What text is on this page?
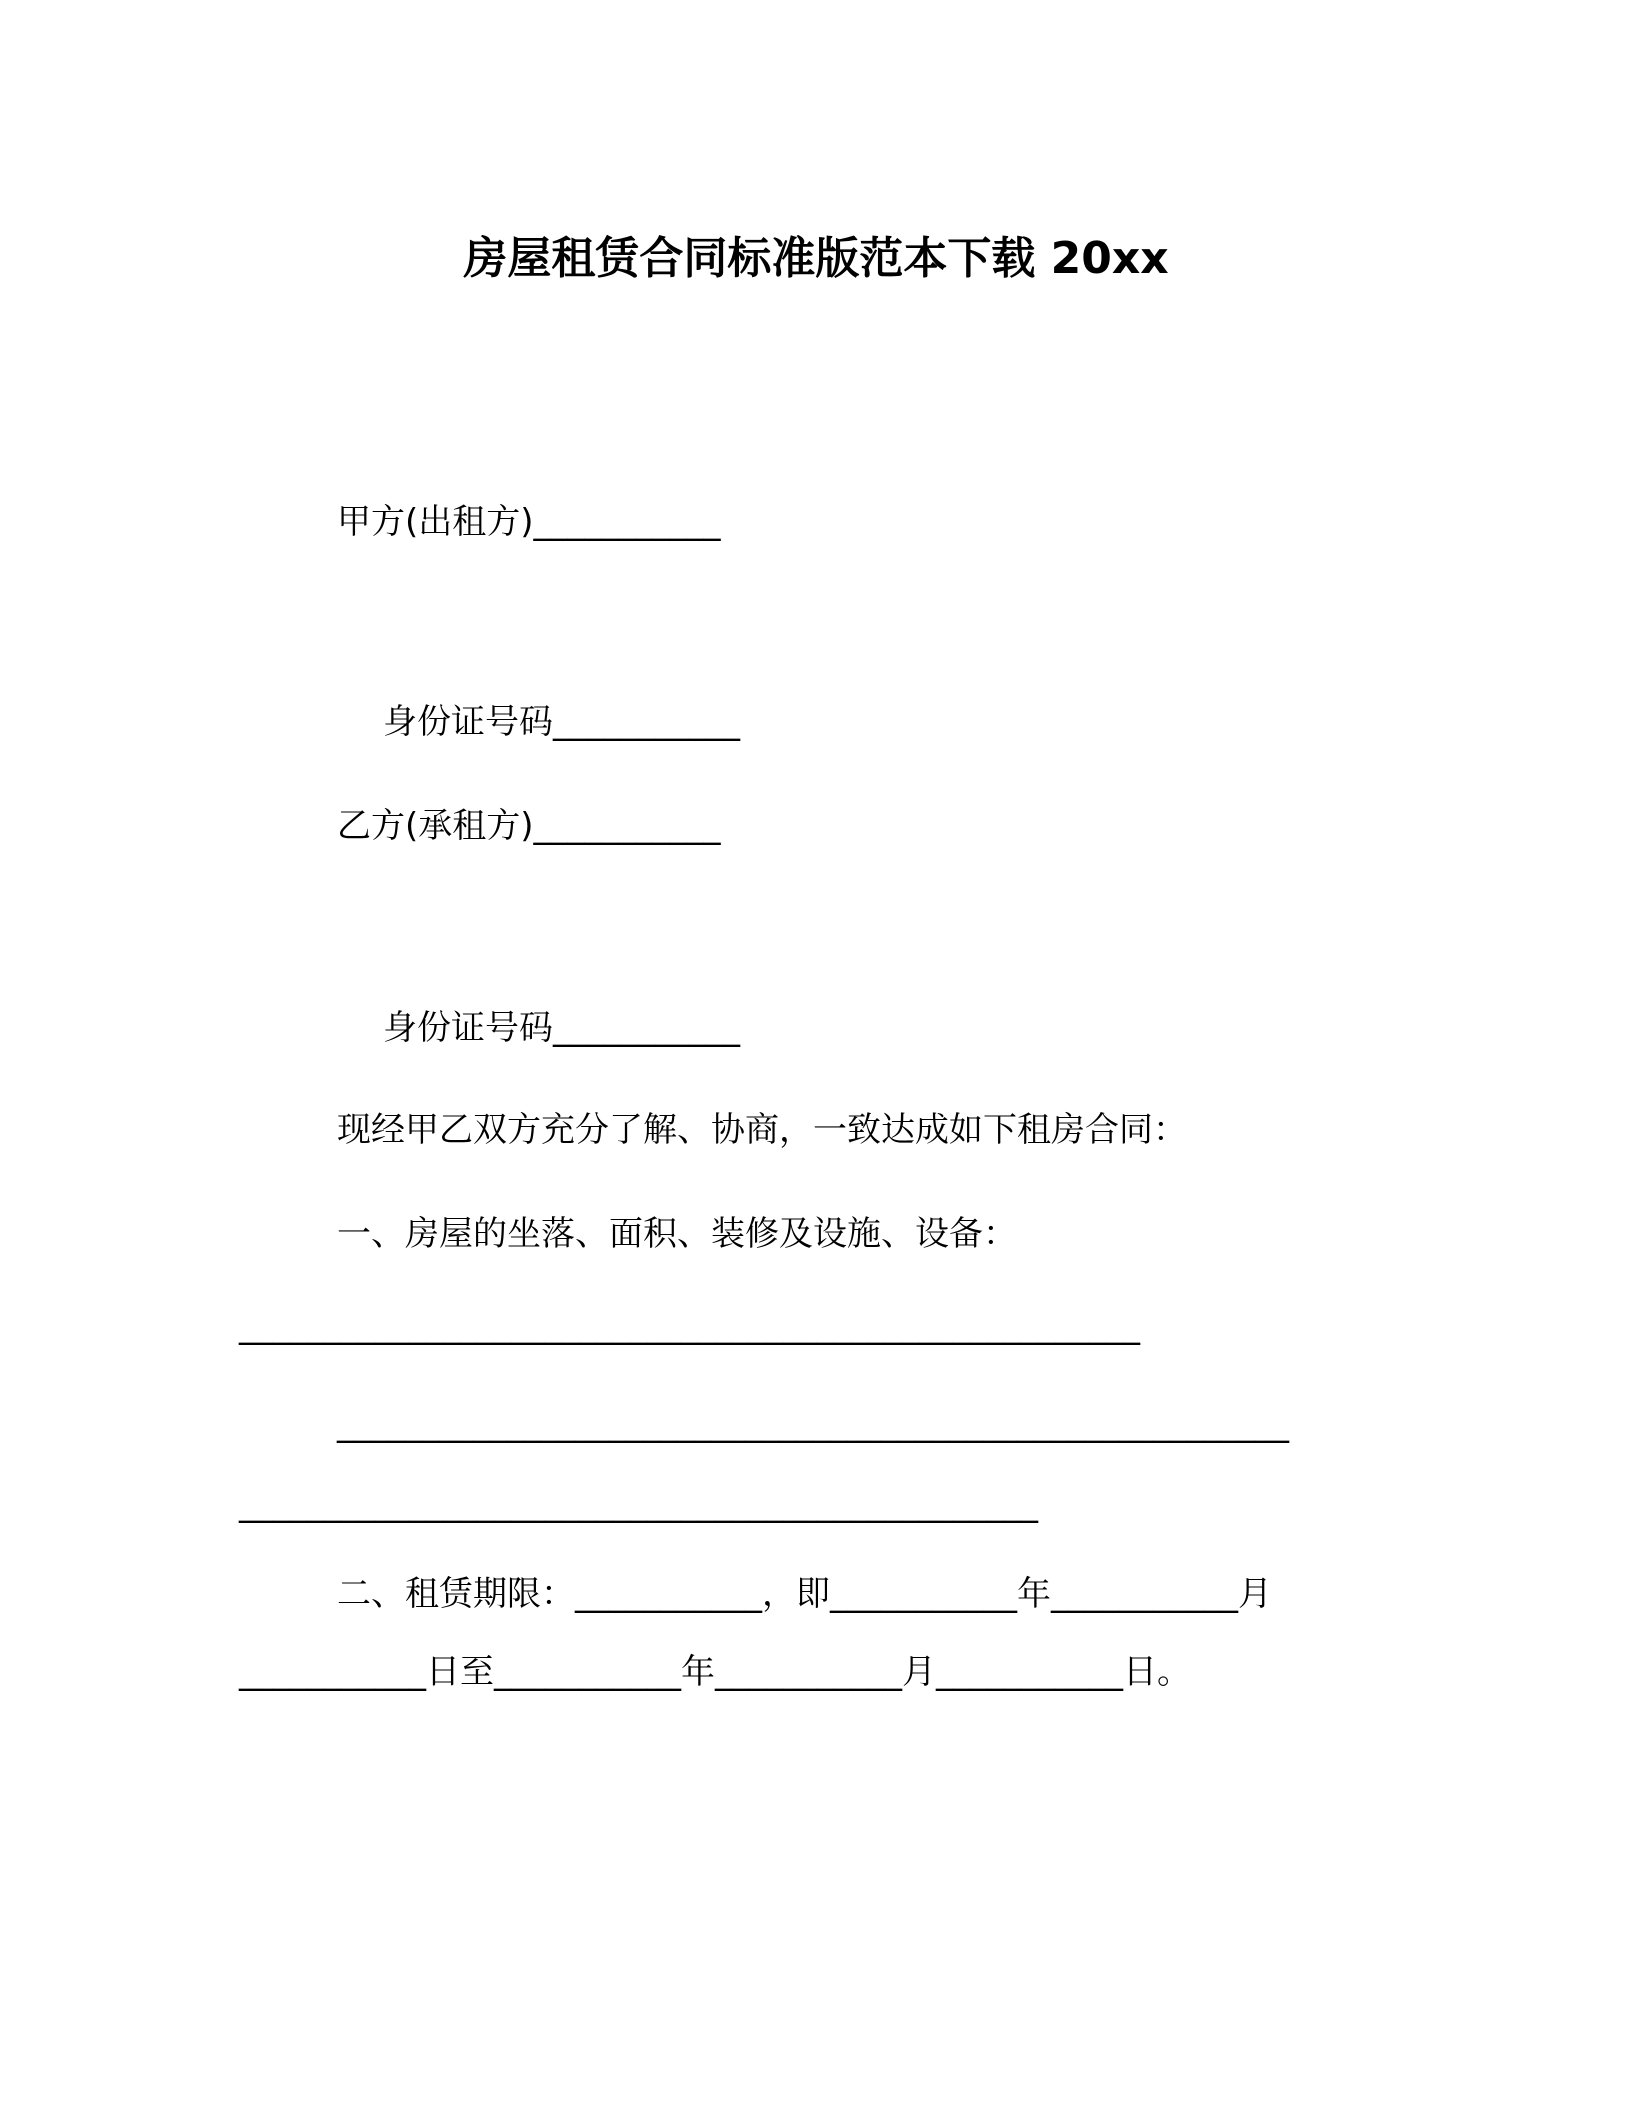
房屋租赁合同标准版范本下载 20xx
甲方(出租方)___________
身份证号码___________
乙方(承租方)___________
身份证号码___________
现经甲乙双方充分了解、协商，一致达成如下租房合同：
一、房屋的坐落、面积、装修及设施、设备：
_____________________________________________________
________________________________________________________
_______________________________________________
二、租赁期限：___________，即___________年___________月
___________日至___________年___________月___________日。
